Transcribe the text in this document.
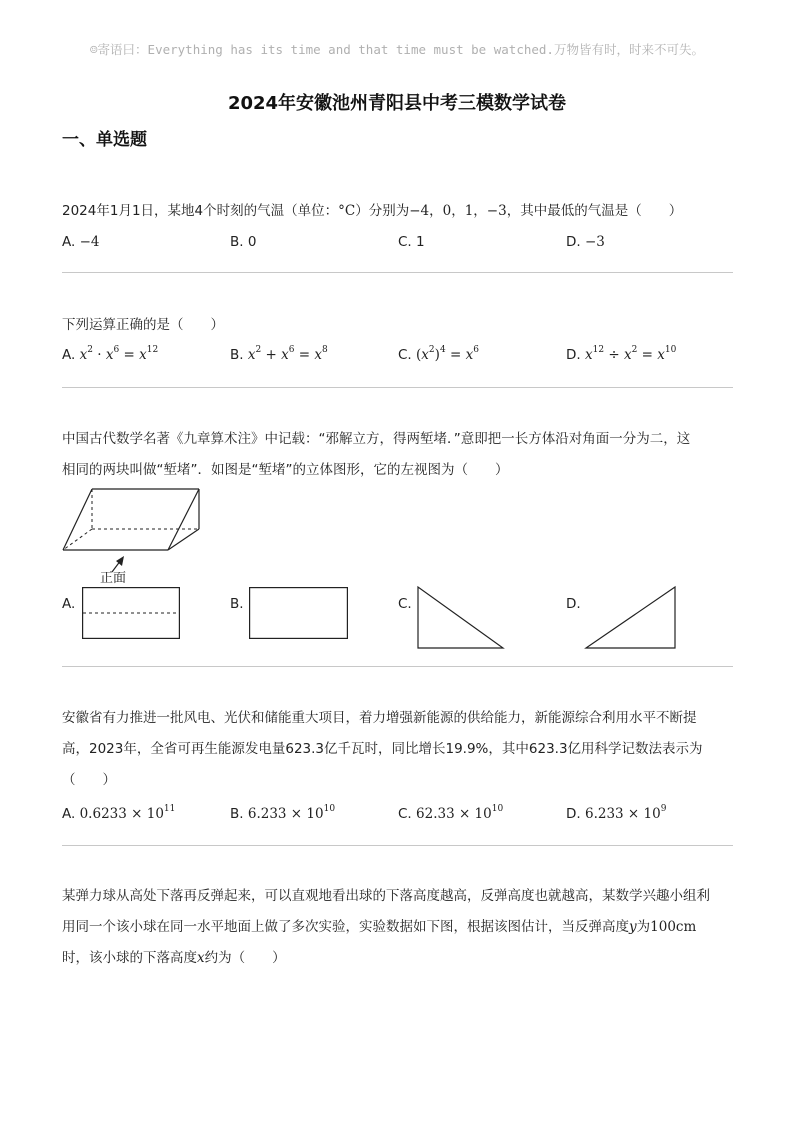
☺寄语曰：Everything has its time and that time must be watched.万物皆有时，时来不可失。
2024年安徽池州青阳县中考三模数学试卷
一、单选题
2024年1月1日，某地4个时刻的气温（单位：°C）分别为−4，0，1，−3，其中最低的气温是（　　）
A. −4	B. 0	C. 1	D. −3
下列运算正确的是（　　）
A. $x^2 \cdot x^6 = x^{12}$	B. $x^2 + x^6 = x^8$	C. $(x^2)^4 = x^6$	D. $x^{12} \div x^2 = x^{10}$
中国古代数学名著《九章算术注》中记载：“邪解立方，得两堑堵．”意即把一长方体沿对角面一分为二，这
相同的两块叫做“堑堵”．如图是“堑堵”的立体图形，它的左视图为（　　）
正面
A.	B.	C.	D.
安徽省有力推进一批风电、光伏和储能重大项目，着力增强新能源的供给能力，新能源综合利用水平不断提
高，2023年，全省可再生能源发电量623.3亿千瓦时，同比增长19.9%，其中623.3亿用科学记数法表示为
（　　）
A. $0.6233 \times 10^{11}$	B. $6.233 \times 10^{10}$	C. $62.33 \times 10^{10}$	D. $6.233 \times 10^9$
某弹力球从高处下落再反弹起来，可以直观地看出球的下落高度越高，反弹高度也就越高，某数学兴趣小组利
用同一个该小球在同一水平地面上做了多次实验，实验数据如下图，根据该图估计，当反弹高度y为100cm
时，该小球的下落高度x约为（　　）
